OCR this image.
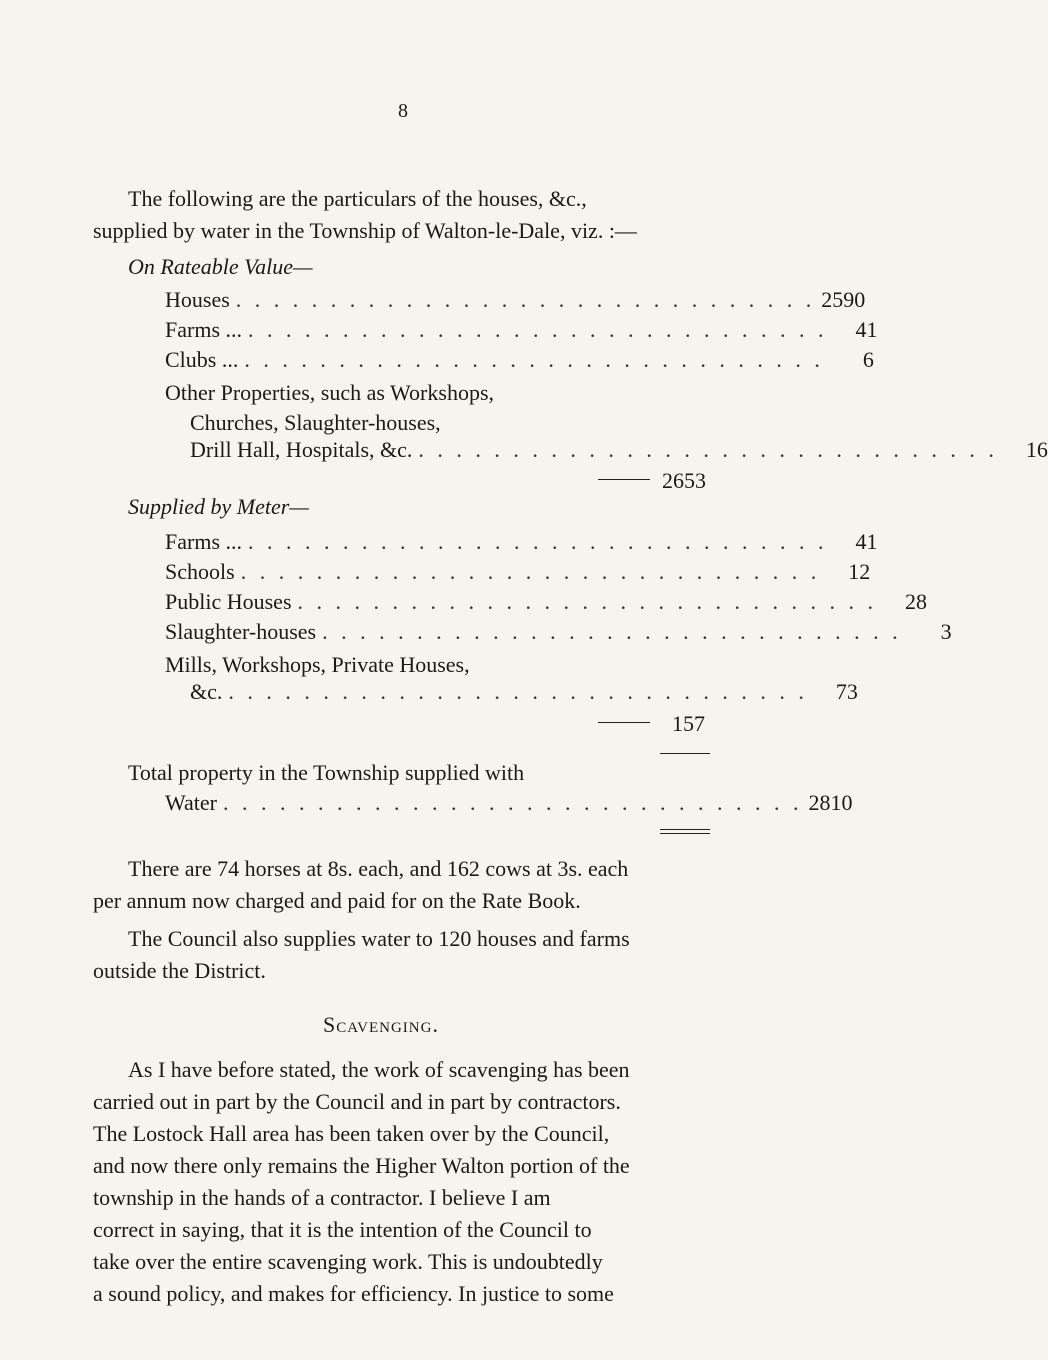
8
The following are the particulars of the houses, &c.,
supplied by water in the Township of Walton-le-Dale, viz. :—
On Rateable Value—
Houses . . . . . . . . . . . . . . . . . . . . . . . . . . . . . . . 2590
Farms ... . . . . . . . . . . . . . . . . . . . . . . . . . . . . . . .	41
Clubs ... . . . . . . . . . . . . . . . . . . . . . . . . . . . . . . .	6
Other Properties, such as Workshops,
Churches, Slaughter-houses,
Drill Hall, Hospitals, &c. . . . . . . . . . . . . . . . . . . . . . . . . . . . . . . .	16
2653
Supplied by Meter—
Farms ... . . . . . . . . . . . . . . . . . . . . . . . . . . . . . . .	41
Schools . . . . . . . . . . . . . . . . . . . . . . . . . . . . . . .	12
Public Houses . . . . . . . . . . . . . . . . . . . . . . . . . . . . . . .	28
Slaughter-houses . . . . . . . . . . . . . . . . . . . . . . . . . . . . . . .	3
Mills, Workshops, Private Houses,
&c. . . . . . . . . . . . . . . . . . . . . . . . . . . . . . . .	73
157
Total property in the Township supplied with
Water . . . . . . . . . . . . . . . . . . . . . . . . . . . . . . . 2810
There are 74 horses at 8s. each, and 162 cows at 3s. each
per annum now charged and paid for on the Rate Book.
The Council also supplies water to 120 houses and farms
outside the District.
Scavenging.
As I have before stated, the work of scavenging has been
carried out in part by the Council and in part by contractors.
The Lostock Hall area has been taken over by the Council,
and now there only remains the Higher Walton portion of the
township in the hands of a contractor. I believe I am
correct in saying, that it is the intention of the Council to
take over the entire scavenging work. This is undoubtedly
a sound policy, and makes for efficiency. In justice to some
